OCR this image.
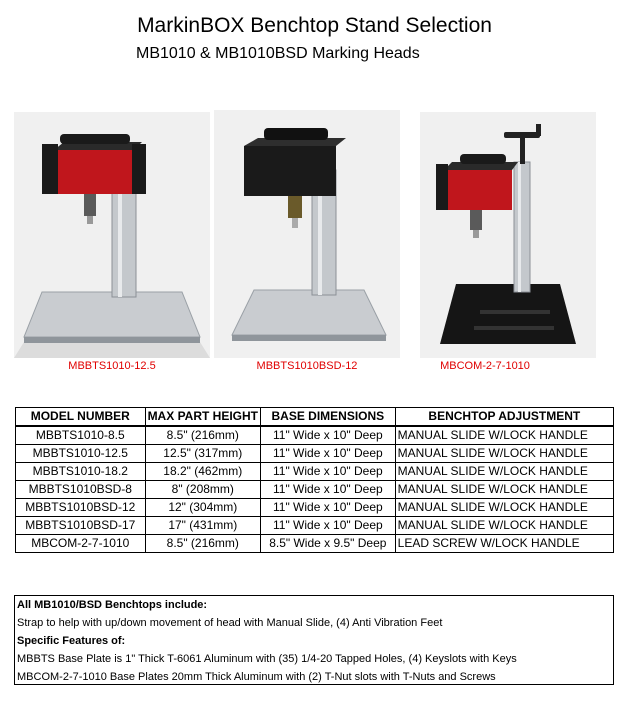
MarkinBOX Benchtop Stand Selection
MB1010 & MB1010BSD Marking Heads
MBBTS1010-12.5	MBBTS1010BSD-12	MBCOM-2-7-1010
MODEL NUMBER	MAX PART HEIGHT	BASE DIMENSIONS	BENCHTOP ADJUSTMENT
MBBTS1010-8.5	8.5" (216mm)	11" Wide x 10" Deep	MANUAL SLIDE W/LOCK HANDLE
MBBTS1010-12.5	12.5" (317mm)	11" Wide x 10" Deep	MANUAL SLIDE W/LOCK HANDLE
MBBTS1010-18.2	18.2" (462mm)	11" Wide x 10" Deep	MANUAL SLIDE W/LOCK HANDLE
MBBTS1010BSD-8	8" (208mm)	11" Wide x 10" Deep	MANUAL SLIDE W/LOCK HANDLE
MBBTS1010BSD-12	12" (304mm)	11" Wide x 10" Deep	MANUAL SLIDE W/LOCK HANDLE
MBBTS1010BSD-17	17" (431mm)	11" Wide x 10" Deep	MANUAL SLIDE W/LOCK HANDLE
MBCOM-2-7-1010	8.5" (216mm)	8.5" Wide x 9.5" Deep	LEAD SCREW W/LOCK HANDLE
All MB1010/BSD Benchtops include:
Strap to help with up/down movement of head with Manual Slide, (4) Anti Vibration Feet
Specific Features of:
MBBTS Base Plate is 1" Thick T-6061 Aluminum with (35) 1/4-20 Tapped Holes, (4) Keyslots with Keys
MBCOM-2-7-1010 Base Plates 20mm Thick Aluminum with (2) T-Nut slots with T-Nuts and Screws
